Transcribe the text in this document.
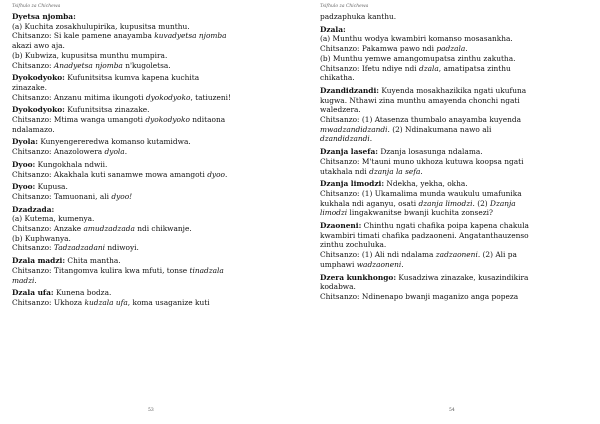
Tsifhulo za Chichewa
Dyetsa njomba:
(a) Kuchita zosakhulupirika, kupusitsa munthu.
Chitsanzo: Si kale pamene anayamba kuvadyetsa njomba
akazi awo aja.
(b) Kubwiza, kupusitsa munthu mumpira.
Chitsanzo: Anadyetsa njomba n'kugoletsa.
Dyokodyoko: Kufunitsitsa kumva kapena kuchita
zinazake.
Chitsanzo: Anzanu mitima ikungoti dyokodyoko, tatiuzeni!
Dyokodyoko: Kufunitsitsa zinazake.
Chitsanzo: Mtima wanga umangoti dyokodyoko nditaona
ndalamazo.
Dyola: Kunyengereredwa komanso kutamidwa.
Chitsanzo: Anazolowera dyola.
Dyoo: Kungokhala ndwii.
Chitsanzo: Akakhala kuti sanamwe mowa amangoti dyoo.
Dyoo: Kupusa.
Chitsanzo: Tamuonani, ali dyoo!
Dzadzada:
(a) Kutema, kumenya.
Chitsanzo: Anzake amudzadzada ndi chikwanje.
(b) Kuphwanya.
Chitsanzo: Tadzadzadani ndiwoyi.
Dzala madzi: Chita mantha.
Chitsanzo: Titangomva kulira kwa mfuti, tonse tinadzala
madzi.
Dzala ufa: Kunena bodza.
Chitsanzo: Ukhoza kudzala ufa, koma usaganize kuti
53
Tsifhulo za Chichewa
padzaphuka kanthu.
Dzala:
(a) Munthu wodya kwambiri komanso mosasankha.
Chitsanzo: Pakamwa pawo ndi padzala.
(b) Munthu yemwe amangomupatsa zinthu zakutha.
Chitsanzo: Ifetu ndiye ndi dzala, amatipatsa zinthu
chikatha.
Dzandidzandi: Kuyenda mosakhazikika ngati ukufuna
kugwa. Nthawi zina munthu amayenda chonchi ngati
waledzera.
Chitsanzo: (1) Atasenza thumbalo anayamba kuyenda
mwadzandidzandi. (2) Ndinakumana nawo ali
dzandidzandi.
Dzanja lasefa: Dzanja losasunga ndalama.
Chitsanzo: M'tauni muno ukhoza kutuwa koopsa ngati
utakhala ndi dzanja la sefa.
Dzanja limodzi: Ndekha, yekha, okha.
Chitsanzo: (1) Ukamalima munda waukulu umafunika
kukhala ndi aganyu, osati dzanja limodzi. (2) Dzanja
limodzi lingakwanitse bwanji kuchita zonsezi?
Dzaoneni: Chinthu ngati chafika poipa kapena chakula
kwambiri timati chafika padzaoneni. Angatanthauzenso
zinthu zochuluka.
Chitsanzo: (1) Ali ndi ndalama zadzaoneni. (2) Ali pa
umphawi wadzaoneni.
Dzera kunkhongo: Kusadziwa zinazake, kusazindikira
kodabwa.
Chitsanzo: Ndinenapo bwanji maganizo anga popeza
54
